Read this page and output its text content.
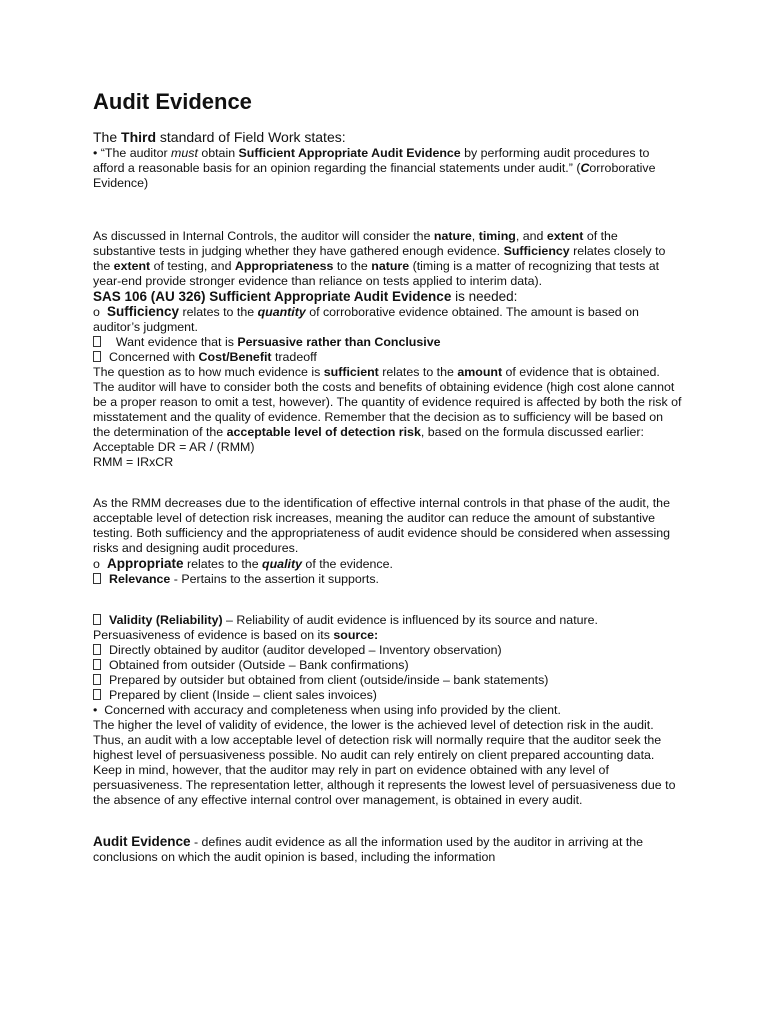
Audit Evidence

The Third standard of Field Work states:

• “The auditor must obtain Sufficient Appropriate Audit Evidence by performing audit procedures to afford a reasonable basis for an opinion regarding the financial statements under audit.” (Corroborative Evidence)

As discussed in Internal Controls, the auditor will consider the nature, timing, and extent of the substantive tests in judging whether they have gathered enough evidence. Sufficiency relates closely to the extent of testing, and Appropriateness to the nature (timing is a matter of recognizing that tests at year-end provide stronger evidence than reliance on tests applied to interim data).

SAS 106 (AU 326) Sufficient Appropriate Audit Evidence is needed:

o Sufficiency relates to the quantity of corroborative evidence obtained. The amount is based on auditor’s judgment.

Want evidence that is Persuasive rather than Conclusive

Concerned with Cost/Benefit tradeoff

The question as to how much evidence is sufficient relates to the amount of evidence that is obtained. The auditor will have to consider both the costs and benefits of obtaining evidence (high cost alone cannot be a proper reason to omit a test, however). The quantity of evidence required is affected by both the risk of misstatement and the quality of evidence. Remember that the decision as to sufficiency will be based on the determination of the acceptable level of detection risk, based on the formula discussed earlier:

Acceptable DR = AR / (RMM)

RMM = IRxCR

As the RMM decreases due to the identification of effective internal controls in that phase of the audit, the acceptable level of detection risk increases, meaning the auditor can reduce the amount of substantive testing. Both sufficiency and the appropriateness of audit evidence should be considered when assessing risks and designing audit procedures.

o Appropriate relates to the quality of the evidence.

Relevance - Pertains to the assertion it supports.

Validity (Reliability) – Reliability of audit evidence is influenced by its source and nature.

Persuasiveness of evidence is based on its source:

Directly obtained by auditor (auditor developed – Inventory observation)

Obtained from outsider (Outside – Bank confirmations)

Prepared by outsider but obtained from client (outside/inside – bank statements)

Prepared by client (Inside – client sales invoices)

•  Concerned with accuracy and completeness when using info provided by the client.

The higher the level of validity of evidence, the lower is the achieved level of detection risk in the audit. Thus, an audit with a low acceptable level of detection risk will normally require that the auditor seek the highest level of persuasiveness possible. No audit can rely entirely on client prepared accounting data.

Keep in mind, however, that the auditor may rely in part on evidence obtained with any level of persuasiveness. The representation letter, although it represents the lowest level of persuasiveness due to the absence of any effective internal control over management, is obtained in every audit.

Audit Evidence - defines audit evidence as all the information used by the auditor in arriving at the conclusions on which the audit opinion is based, including the information
